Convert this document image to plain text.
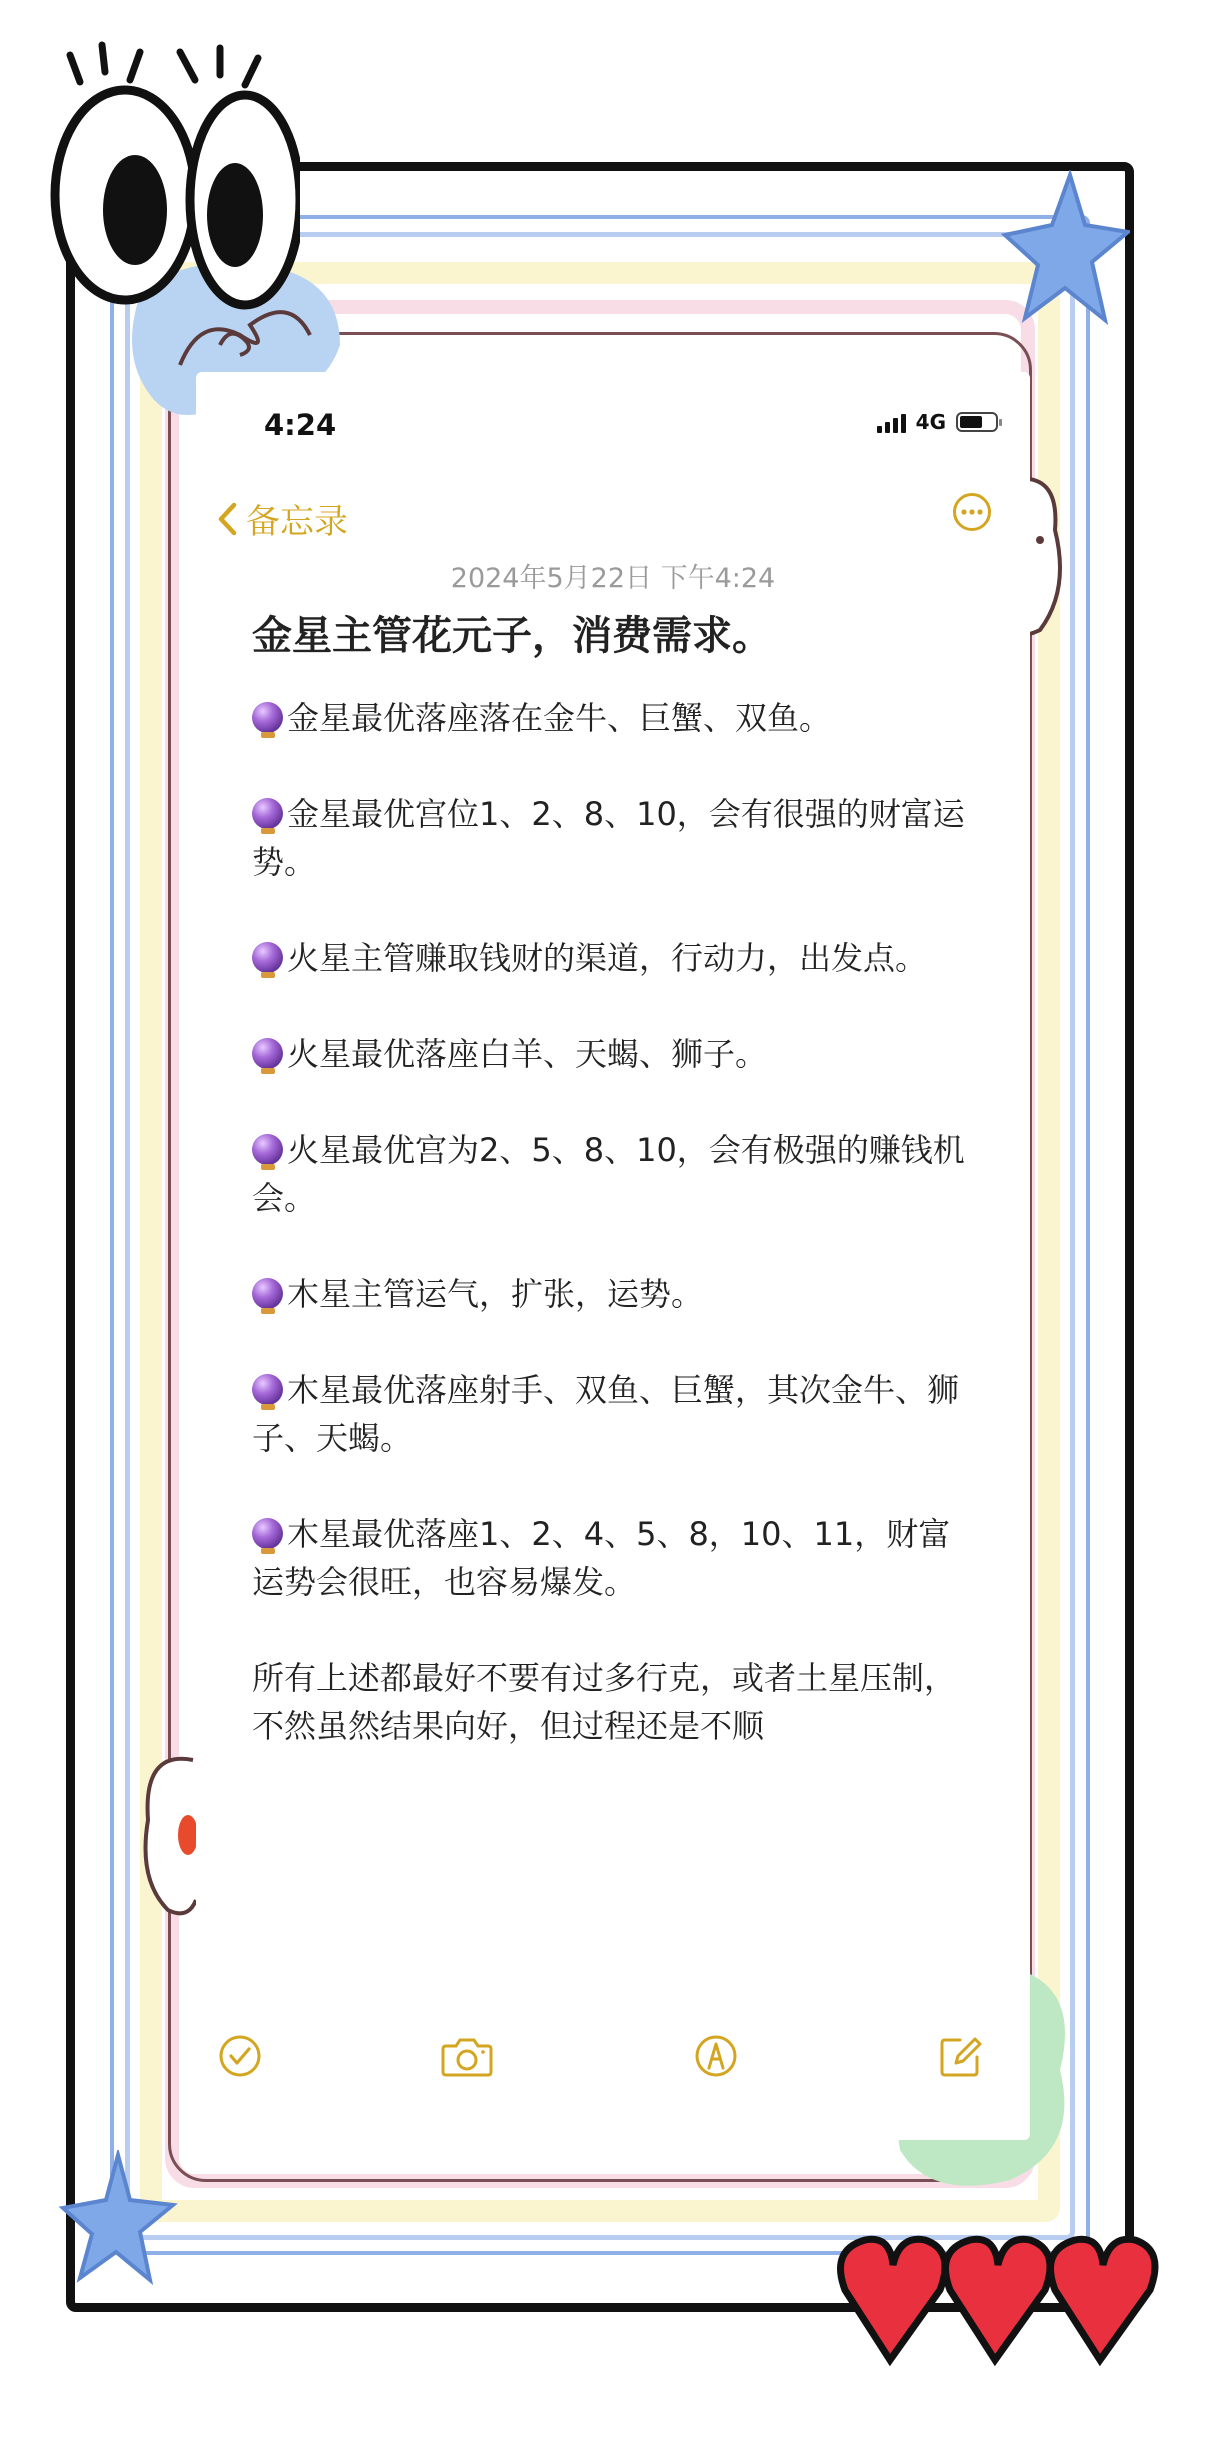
4:24	4G
备忘录
2024年5月22日 下午4:24
金星主管花元子，消费需求。

金星最优落座落在金牛、巨蟹、双鱼。

金星最优宫位1、2、8、10，会有很强的财富运势。

火星主管赚取钱财的渠道，行动力，出发点。

火星最优落座白羊、天蝎、狮子。

火星最优宫为2、5、8、10，会有极强的赚钱机会。

木星主管运气，扩张，运势。

木星最优落座射手、双鱼、巨蟹，其次金牛、狮子、天蝎。

木星最优落座1、2、4、5、8，10、11，财富运势会很旺，也容易爆发。

所有上述都最好不要有过多行克，或者土星压制，不然虽然结果向好，但过程还是不顺
